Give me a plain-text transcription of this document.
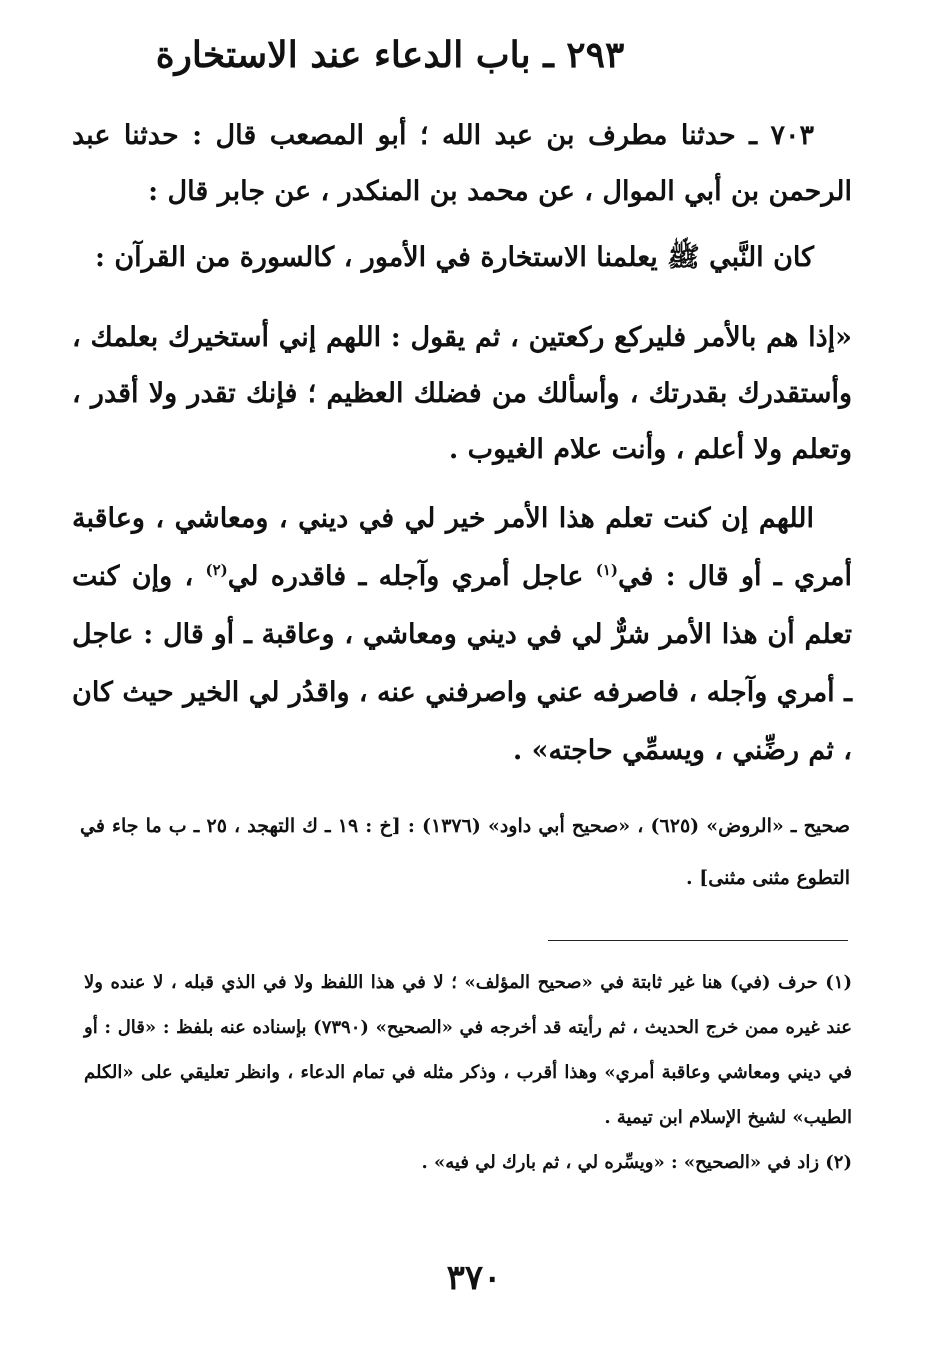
٢٩٣ ـ باب الدعاء عند الاستخارة

٧٠٣ ـ حدثنا مطرف بن عبد الله ؛ أبو المصعب قال : حدثنا عبد الرحمن بن أبي الموال ، عن محمد بن المنكدر ، عن جابر قال :

كان النَّبي ﷺ يعلمنا الاستخارة في الأمور ، كالسورة من القرآن :

«إذا هم بالأمر فليركع ركعتين ، ثم يقول : اللهم إني أستخيرك بعلمك ، وأستقدرك بقدرتك ، وأسألك من فضلك العظيم ؛ فإنك تقدر ولا أقدر ، وتعلم ولا أعلم ، وأنت علام الغيوب .

اللهم إن كنت تعلم هذا الأمر خير لي في ديني ، ومعاشي ، وعاقبة أمري ـ أو قال : في$^{(١)}$ عاجل أمري وآجله ـ فاقدره لي$^{(٢)}$ ، وإن كنت تعلم أن هذا الأمر شرٌّ لي في ديني ومعاشي ، وعاقبة ـ أو قال : عاجل ـ أمري وآجله ، فاصرفه عني واصرفني عنه ، واقدُر لي الخير حيث كان ، ثم رضِّني ، ويسمِّي حاجته» .

صحيح ـ «الروض» (٦٢٥) ، «صحيح أبي داود» (١٣٧٦) : [خ : ١٩ ـ ك التهجد ، ٢٥ ـ ب ما جاء في التطوع مثنى مثنى] .

(١) حرف (في) هنا غير ثابتة في «صحيح المؤلف» ؛ لا في هذا اللفظ ولا في الذي قبله ، لا عنده ولا عند غيره ممن خرج الحديث ، ثم رأيته قد أخرجه في «الصحيح» (٧٣٩٠) بإسناده عنه بلفظ : «قال : أو في ديني ومعاشي وعاقبة أمري» وهذا أقرب ، وذكر مثله في تمام الدعاء ، وانظر تعليقي على «الكلم الطيب» لشيخ الإسلام ابن تيمية .

(٢) زاد في «الصحيح» : «ويسِّره لي ، ثم بارك لي فيه» .

٣٧٠
